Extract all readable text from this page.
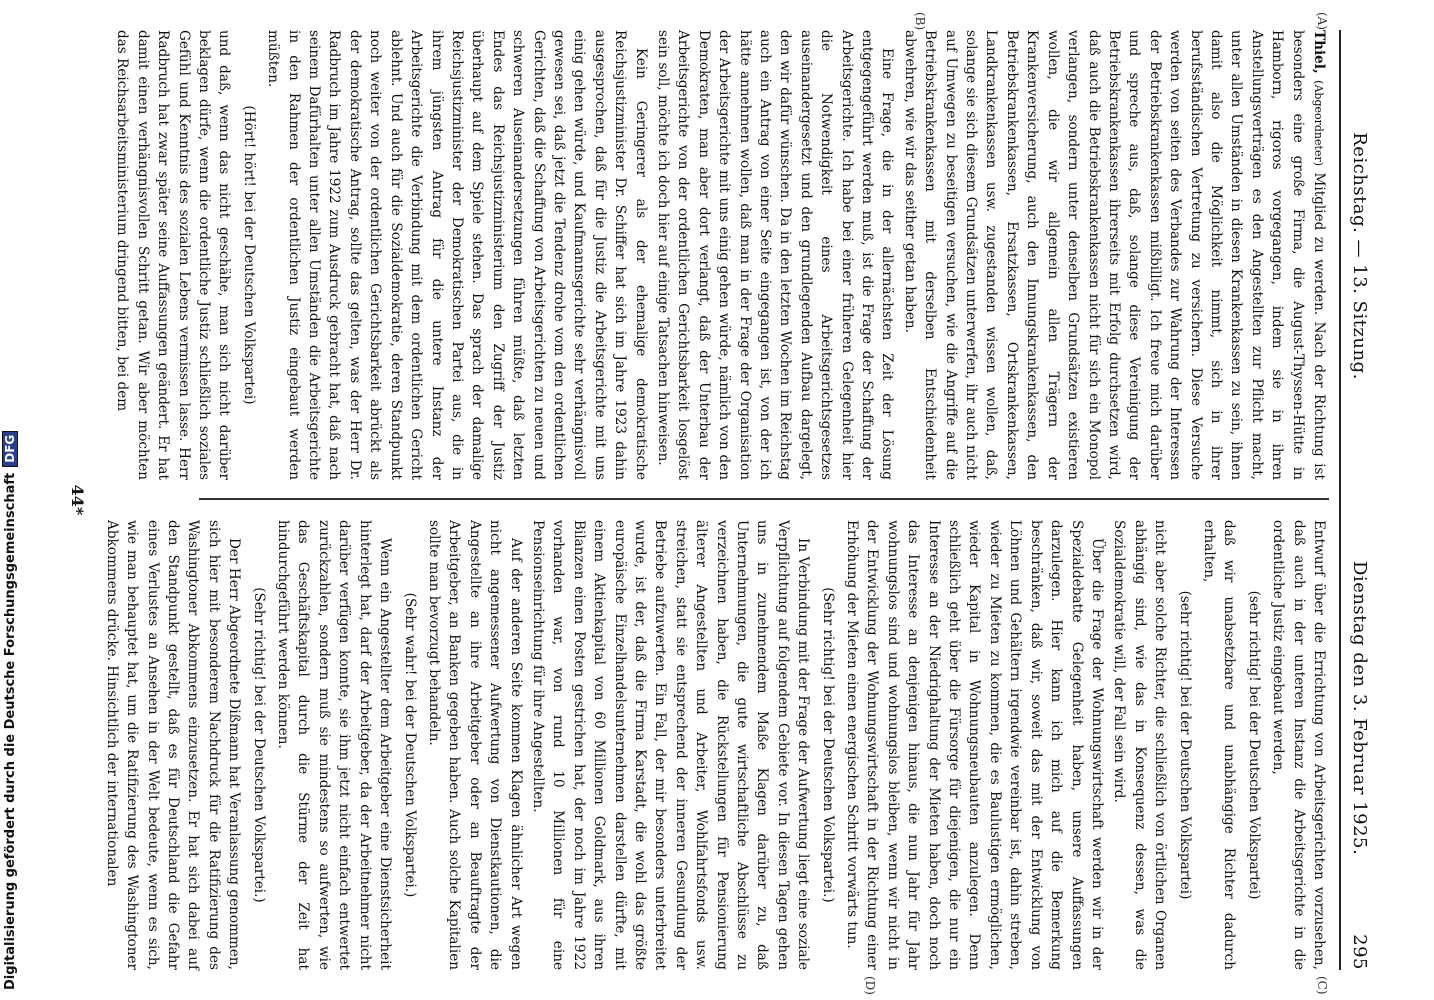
Digitalisierung gefördert durch die Deutsche Forschungsgemeinschaft
DFG
Reichstag. — 13. Sitzung.
Dienstag den 3. Februar 1925.
295
(A)
(B)
(C)
(D)

Thiel, (Abgeordneter) Mitglied zu werden. Nach der Richtung ist besonders eine große Firma, die August-Thyssen-Hütte in Hamborn, rigoros vorgegangen, indem sie in ihren Anstellungsverträgen es den Angestellten zur Pflicht macht, unter allen Umständen in diesen Krankenkassen zu sein, ihnen damit also die Möglichkeit nimmt, sich in ihrer berufsständischen Vertretung zu versichern. Diese Versuche werden von seiten des Verbandes zur Wahrung der Interessen der Betriebskrankenkassen mißbilligt. Ich freue mich darüber und spreche aus, daß, solange diese Vereinigung der Betriebskrankenkassen ihrerseits mit Erfolg durchsetzen wird, daß auch die Betriebskrankenkassen nicht für sich ein Monopol verlangen, sondern unter denselben Grundsätzen existieren wollen, die wir allgemein allen Trägern der Krankenversicherung, auch den Innungskrankenkassen, den Betriebskrankenkassen, Ersatzkassen, Ortskrankenkassen, Landkrankenkassen usw. zugestanden wissen wollen, daß, solange sie sich diesem Grundsätzen unterwerfen, ihr auch nicht auf Umwegen zu beseitigen versuchen, wie die Angriffe auf die Betriebskrankenkassen mit derselben Entschiedenheit abwehren, wie wir das seither getan haben.

Eine Frage, die in der allernächsten Zeit der Lösung entgegengeführt werden muß, ist die Frage der Schaffung der Arbeitsgerichte. Ich habe bei einer früheren Gelegenheit hier die Notwendigkeit eines Arbeitsgerichtsgesetzes auseinandergesetzt und den grundlegenden Aufbau dargelegt, den wir dafür wünschen. Da in den letzten Wochen im Reichstag auch ein Antrag von einer Seite eingegangen ist, von der ich hätte annehmen wollen, daß man in der Frage der Organisation der Arbeitsgerichte mit uns einig gehen würde, nämlich von den Demokraten, man aber dort verlangt, daß der Unterbau der Arbeitsgerichte von der ordentlichen Gerichtsbarkeit losgelöst sein soll, möchte ich doch hier auf einige Tatsachen hinweisen.

Kein Geringerer als der ehemalige demokratische Reichsjustizminister Dr. Schiffer hat sich im Jahre 1923 dahin ausgesprochen, daß für die Justiz die Arbeitsgerichte mit uns einig gehen würde, und Kaufmannsgerichte sehr verhängnisvoll gewesen sei, daß jetzt die Tendenz drohe vom den ordentlichen Gerichten, daß die Schaffung von Arbeitsgerichten zu neuen und schweren Auseinandersetzungen führen müßte, daß letzten Endes das Reichsjustizministerium den Zugriff der Justiz überhaupt auf dem Spiele stehen. Das sprach der damalige Reichsjustizminister der Demokratischen Partei aus, die in ihrem jüngsten Antrag für die untere Instanz der Arbeitsgerichte die Verbindung mit dem ordentlichen Gericht ablehnt. Und auch für die Sozialdemokratie, deren Standpunkt noch weiter von der ordentlichen Gerichtsbarkeit abrückt als der demokratische Antrag, sollte das gelten, was der Herr Dr. Radbruch im Jahre 1922 zum Ausdruck gebracht hat, daß nach seinem Dafürhalten unter allen Umständen die Arbeitsgerichte in den Rahmen der ordentlichen Justiz eingebaut werden müßten.

(Hört! hört! bei der Deutschen Volkspartei)

und daß, wenn das nicht geschähe, man sich nicht darüber beklagen dürfe, wenn die ordentliche Justiz schließlich soziales Gefühl und Kenntnis des sozialen Lebens vermissen lasse. Herr Radbruch hat zwar später seine Auffassungen geändert. Er hat damit einen verhängnisvollen Schritt getan. Wir aber möchten das Reichsarbeitsministerium dringend bitten, bei dem

Entwurf über die Errichtung von Arbeitsgerichten vorzusehen, daß auch in der unteren Instanz die Arbeitsgerichte in die ordentliche Justiz eingebaut werden,

(sehr richtig! bei der Deutschen Volkspartei)

daß wir unabsetzbare und unabhängige Richter dadurch erhalten,

(sehr richtig! bei der Deutschen Volkspartei)

nicht aber solche Richter, die schließlich von örtlichen Organen abhängig sind, wie das in Konsequenz dessen, was die Sozialdemokratie will, der Fall sein wird.

Über die Frage der Wohnungswirtschaft werden wir in der Spezialdebatte Gelegenheit haben, unsere Auffassungen darzulegen. Hier kann ich mich auf die Bemerkung beschränken, daß wir, soweit das mit der Entwicklung von Löhnen und Gehältern irgendwie vereinbar ist, dahin streben, wieder zu Mieten zu kommen, die es Baulustigen ermöglichen, wieder Kapital in Wohnungsneubauten anzulegen. Denn schließlich geht über die Fürsorge für diejenigen, die nur ein Interesse an der Niedrighaltung der Mieten haben, doch noch das Interesse an denjenigen hinaus, die nun Jahr für Jahr wohnungslos sind und wohnungslos bleiben, wenn wir nicht in der Entwicklung der Wohnungswirtschaft in der Richtung einer Erhöhung der Mieten einen energischen Schritt vorwärts tun.

(Sehr richtig! bei der Deutschen Volkspartei.)

In Verbindung mit der Frage der Aufwertung liegt eine soziale Verpflichtung auf folgendem Gebiete vor. In diesen Tagen gehen uns in zunehmendem Maße Klagen darüber zu, daß Unternehmungen, die gute wirtschaftliche Abschlüsse zu verzeichnen haben, die Rückstellungen für Pensionierung älterer Angestellten und Arbeiter, Wohlfahrtsfonds usw. streichen, statt sie entsprechend der inneren Gesundung der Betriebe aufzuwerten. Ein Fall, der mir besonders unterbreitet wurde, ist der, daß die Firma Karstadt, die wohl das größte europäische Einzelhandelsunternehmen darstellen dürfte, mit einem Aktienkapital von 60 Millionen Goldmark, aus ihren Bilanzen einen Posten gestrichen hat, der noch im Jahre 1922 vorhanden war, von rund 10 Millionen für eine Pensionseinrichtung für ihre Angestellten.

Auf der anderen Seite kommen Klagen ähnlicher Art wegen nicht angemessener Aufwertung von Dienstkautionen, die Angestellte an ihre Arbeitgeber oder an Beauftragte der Arbeitgeber, an Banken gegeben haben. Auch solche Kapitalien sollte man bevorzugt behandeln.

(Sehr wahr! bei der Deutschen Volkspartei.)

Wenn ein Angestellter dem Arbeitgeber eine Dienstsicherheit hinterlegt hat, darf der Arbeitgeber, da der Arbeitnehmer nicht darüber verfügen konnte, sie ihm jetzt nicht einfach entwertet zurückzahlen, sondern muß sie mindestens so aufwerten, wie das Geschäftskapital durch die Stürme der Zeit hat hindurchgeführt werden können.

(Sehr richtig! bei der Deutschen Volkspartei.)

Der Herr Abgeordnete Dißmann hat Veranlassung genommen, sich hier mit besonderem Nachdruck für die Ratifizierung des Washingtoner Abkommens einzusetzen. Er hat sich dabei auf den Standpunkt gestellt, daß es für Deutschland die Gefahr eines Verlustes an Ansehen in der Welt bedeute, wenn es sich, wie man behauptet hat, um die Ratifizierung des Washingtoner Abkommens drücke. Hinsichtlich der internationalen

44*
